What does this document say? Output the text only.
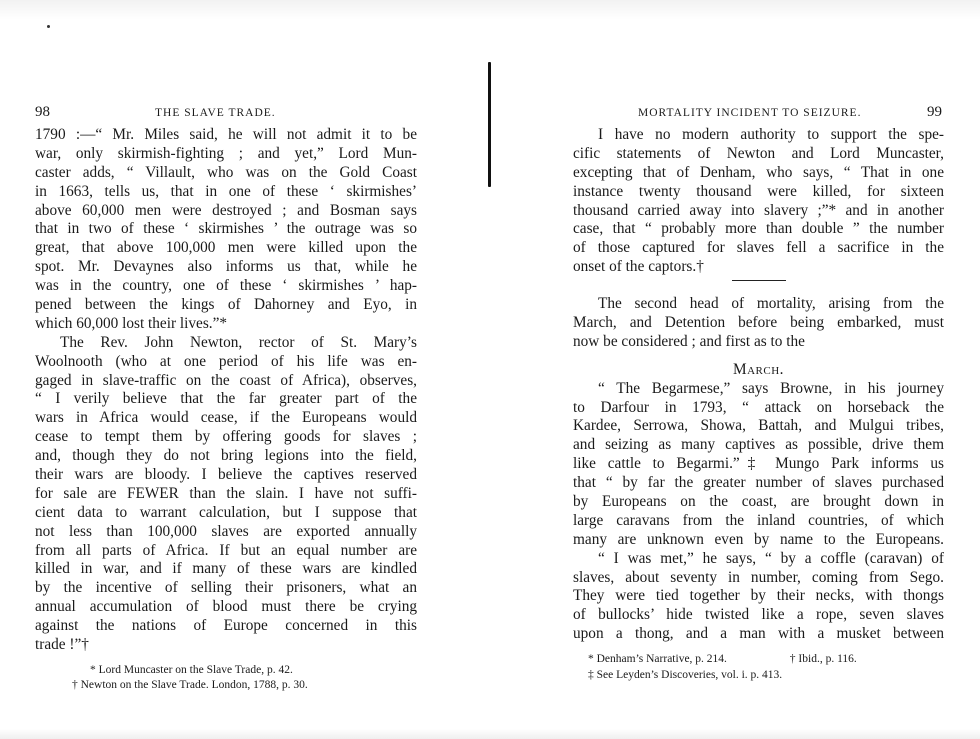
98	THE SLAVE TRADE.
1790 :—“ Mr. Miles said, he will not admit it to be
war, only skirmish-fighting ; and yet,” Lord Mun-
caster adds, “ Villault, who was on the Gold Coast
in 1663, tells us, that in one of these ‘ skirmishes’
above 60,000 men were destroyed ; and Bosman says
that in two of these ‘ skirmishes ’ the outrage was so
great, that above 100,000 men were killed upon the
spot. Mr. Devaynes also informs us that, while he
was in the country, one of these ‘ skirmishes ’ hap-
pened between the kings of Dahorney and Eyo, in
which 60,000 lost their lives.”*
The Rev. John Newton, rector of St. Mary’s
Woolnooth (who at one period of his life was en-
gaged in slave-traffic on the coast of Africa), observes,
“ I verily believe that the far greater part of the
wars in Africa would cease, if the Europeans would
cease to tempt them by offering goods for slaves ;
and, though they do not bring legions into the field,
their wars are bloody. I believe the captives reserved
for sale are FEWER than the slain. I have not suffi-
cient data to warrant calculation, but I suppose that
not less than 100,000 slaves are exported annually
from all parts of Africa. If but an equal number are
killed in war, and if many of these wars are kindled
by the incentive of selling their prisoners, what an
annual accumulation of blood must there be crying
against the nations of Europe concerned in this
trade !”†
* Lord Muncaster on the Slave Trade, p. 42.
† Newton on the Slave Trade. London, 1788, p. 30.
MORTALITY INCIDENT TO SEIZURE.	99
I have no modern authority to support the spe-
cific statements of Newton and Lord Muncaster,
excepting that of Denham, who says, “ That in one
instance twenty thousand were killed, for sixteen
thousand carried away into slavery ;”* and in another
case, that “ probably more than double ” the number
of those captured for slaves fell a sacrifice in the
onset of the captors.†
The second head of mortality, arising from the
March, and Detention before being embarked, must
now be considered ; and first as to the
March.
“ The Begarmese,” says Browne, in his journey
to Darfour in 1793, “ attack on horseback the
Kardee, Serrowa, Showa, Battah, and Mulgui tribes,
and seizing as many captives as possible, drive them
like cattle to Begarmi.”‡ Mungo Park informs us
that “ by far the greater number of slaves purchased
by Europeans on the coast, are brought down in
large caravans from the inland countries, of which
many are unknown even by name to the Europeans.
“ I was met,” he says, “ by a coffle (caravan) of
slaves, about seventy in number, coming from Sego.
They were tied together by their necks, with thongs
of bullocks’ hide twisted like a rope, seven slaves
upon a thong, and a man with a musket between
* Denham’s Narrative, p. 214.	† Ibid., p. 116.
‡ See Leyden’s Discoveries, vol. i. p. 413.
